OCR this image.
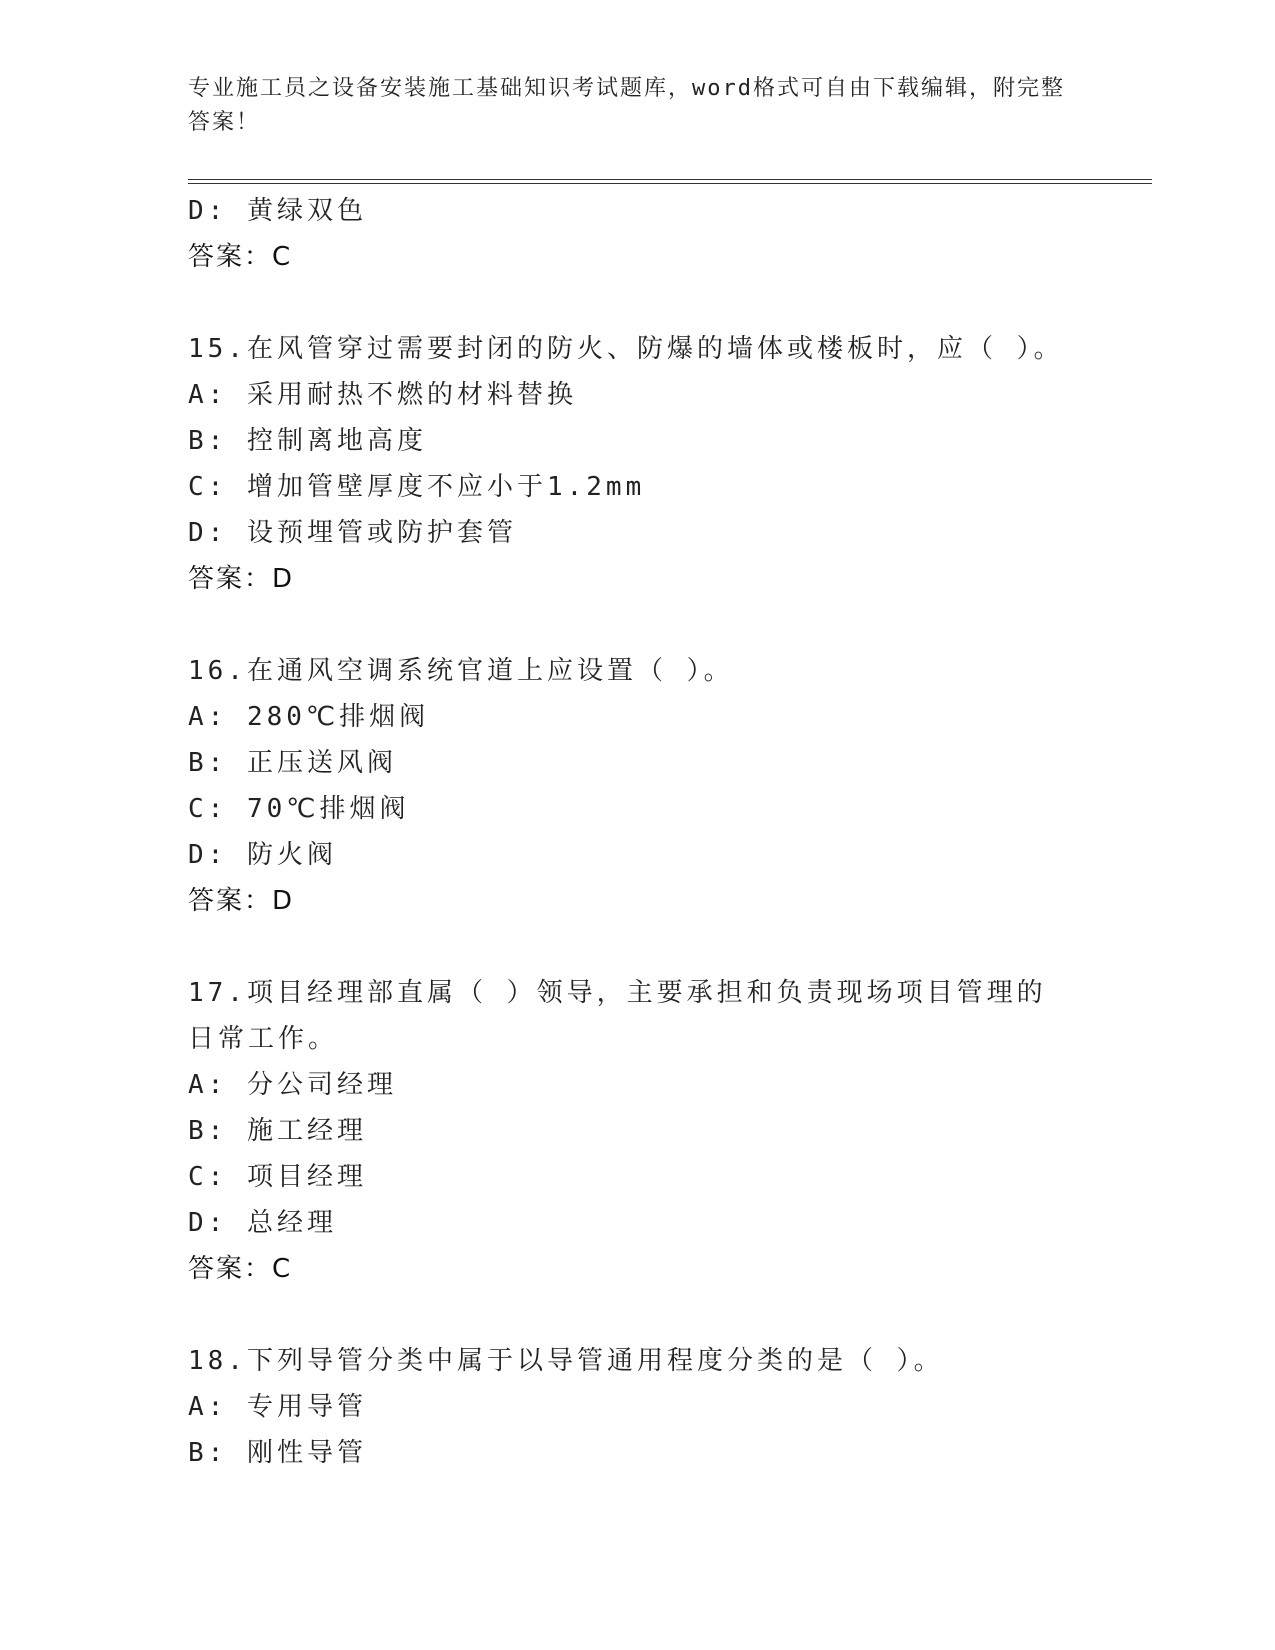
专业施工员之设备安装施工基础知识考试题库，word格式可自由下载编辑，附完整答案！
D: 黄绿双色
答案：C
15.在风管穿过需要封闭的防火、防爆的墙体或楼板时，应（ ）。
A: 采用耐热不燃的材料替换
B: 控制离地高度
C: 增加管壁厚度不应小于1.2mm
D: 设预埋管或防护套管
答案：D
16.在通风空调系统官道上应设置（ ）。
A: 280℃排烟阀
B: 正压送风阀
C: 70℃排烟阀
D: 防火阀
答案：D
17.项目经理部直属（ ）领导，主要承担和负责现场项目管理的日常工作。
A: 分公司经理
B: 施工经理
C: 项目经理
D: 总经理
答案：C
18.下列导管分类中属于以导管通用程度分类的是（ ）。
A: 专用导管
B: 刚性导管
